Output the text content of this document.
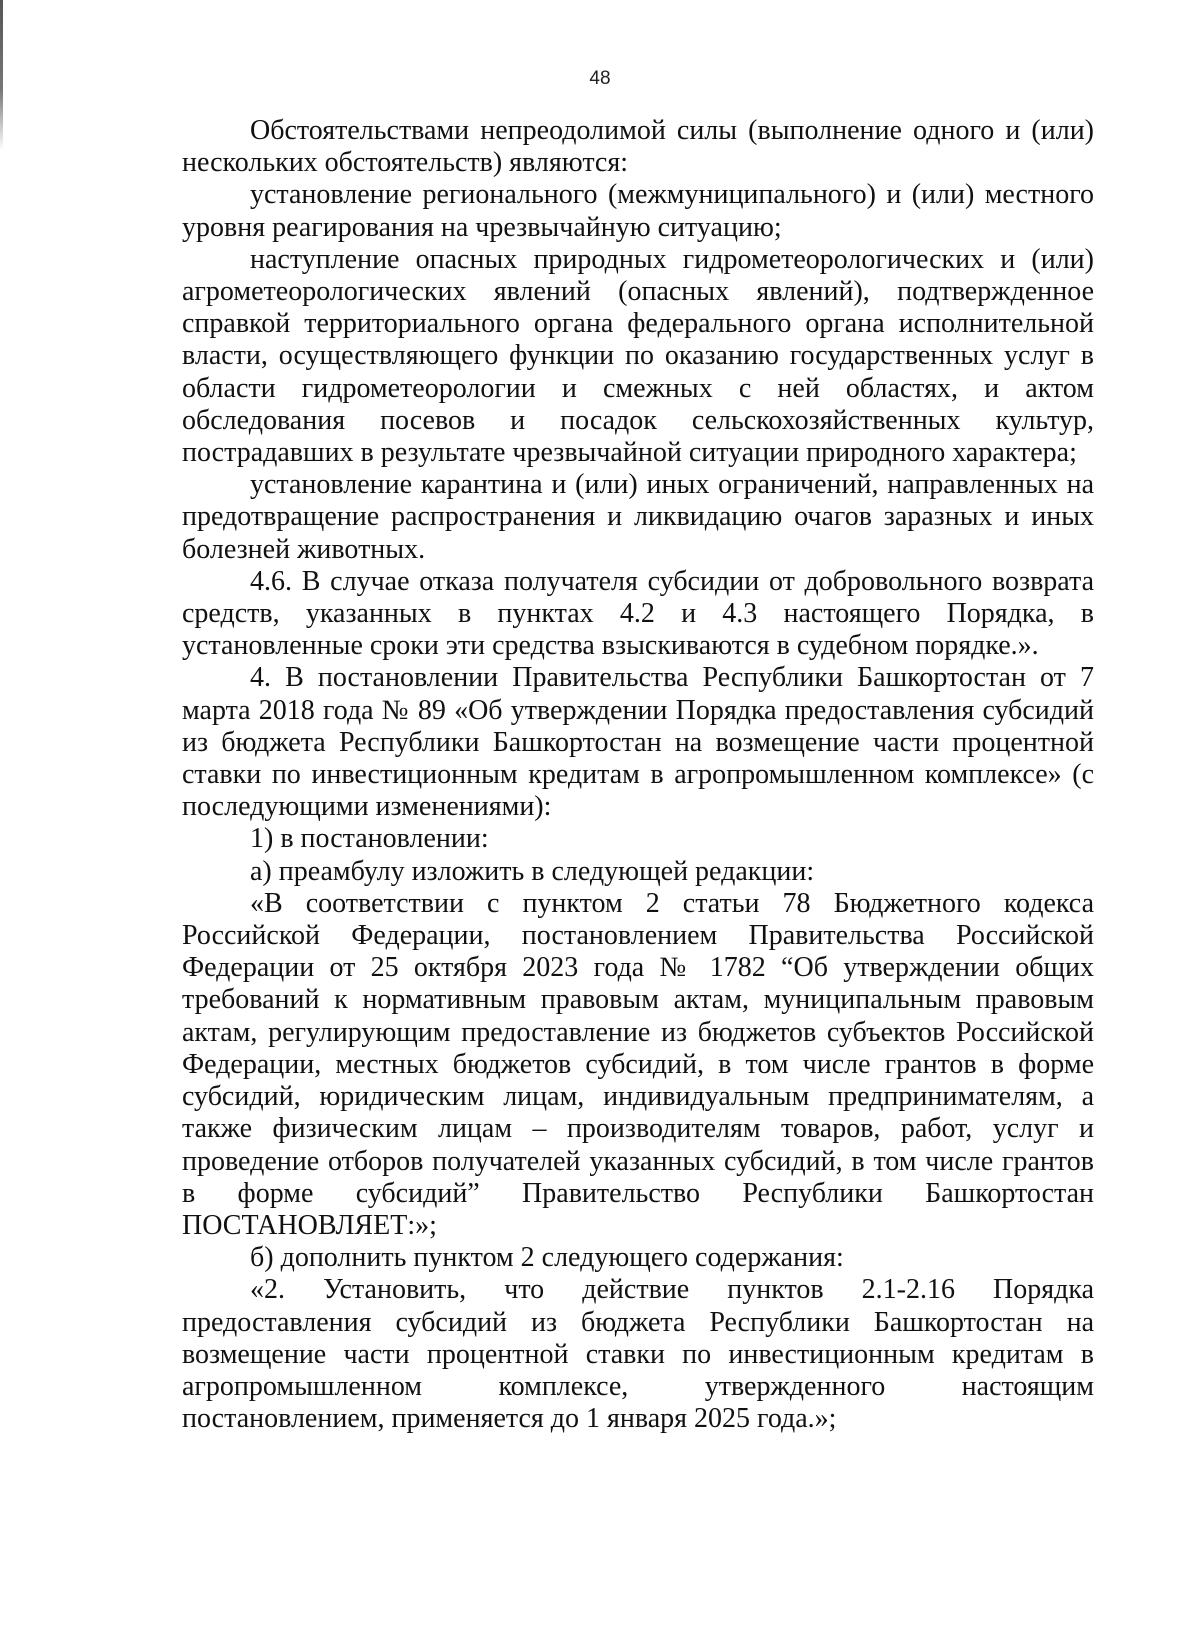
48

Обстоятельствами непреодолимой силы (выполнение одного и (или) нескольких обстоятельств) являются:

установление регионального (межмуниципального) и (или) местного уровня реагирования на чрезвычайную ситуацию;

наступление опасных природных гидрометеорологических и (или) агрометеорологических явлений (опасных явлений), подтвержденное справкой территориального органа федерального органа исполнительной власти, осуществляющего функции по оказанию государственных услуг в области гидрометеорологии и смежных с ней областях, и актом обследования посевов и посадок сельскохозяйственных культур, пострадавших в результате чрезвычайной ситуации природного характера;

установление карантина и (или) иных ограничений, направленных на предотвращение распространения и ликвидацию очагов заразных и иных болезней животных.

4.6. В случае отказа получателя субсидии от добровольного возврата средств, указанных в пунктах 4.2 и 4.3 настоящего Порядка, в установленные сроки эти средства взыскиваются в судебном порядке.».

4. В постановлении Правительства Республики Башкортостан от 7 марта 2018 года № 89 «Об утверждении Порядка предоставления субсидий из бюджета Республики Башкортостан на возмещение части процентной ставки по инвестиционным кредитам в агропромышленном комплексе» (с последующими изменениями):

1) в постановлении:

а) преамбулу изложить в следующей редакции:

«В соответствии с пунктом 2 статьи 78 Бюджетного кодекса Российской Федерации, постановлением Правительства Российской Федерации от 25 октября 2023 года № 1782 “Об утверждении общих требований к нормативным правовым актам, муниципальным правовым актам, регулирующим предоставление из бюджетов субъектов Российской Федерации, местных бюджетов субсидий, в том числе грантов в форме субсидий, юридическим лицам, индивидуальным предпринимателям, а также физическим лицам – производителям товаров, работ, услуг и проведение отборов получателей указанных субсидий, в том числе грантов в форме субсидий” Правительство Республики Башкортостан ПОСТАНОВЛЯЕТ:»;

б) дополнить пунктом 2 следующего содержания:

«2. Установить, что действие пунктов 2.1-2.16 Порядка предоставления субсидий из бюджета Республики Башкортостан на возмещение части процентной ставки по инвестиционным кредитам в агропромышленном комплексе, утвержденного настоящим постановлением, применяется до 1 января 2025 года.»;
